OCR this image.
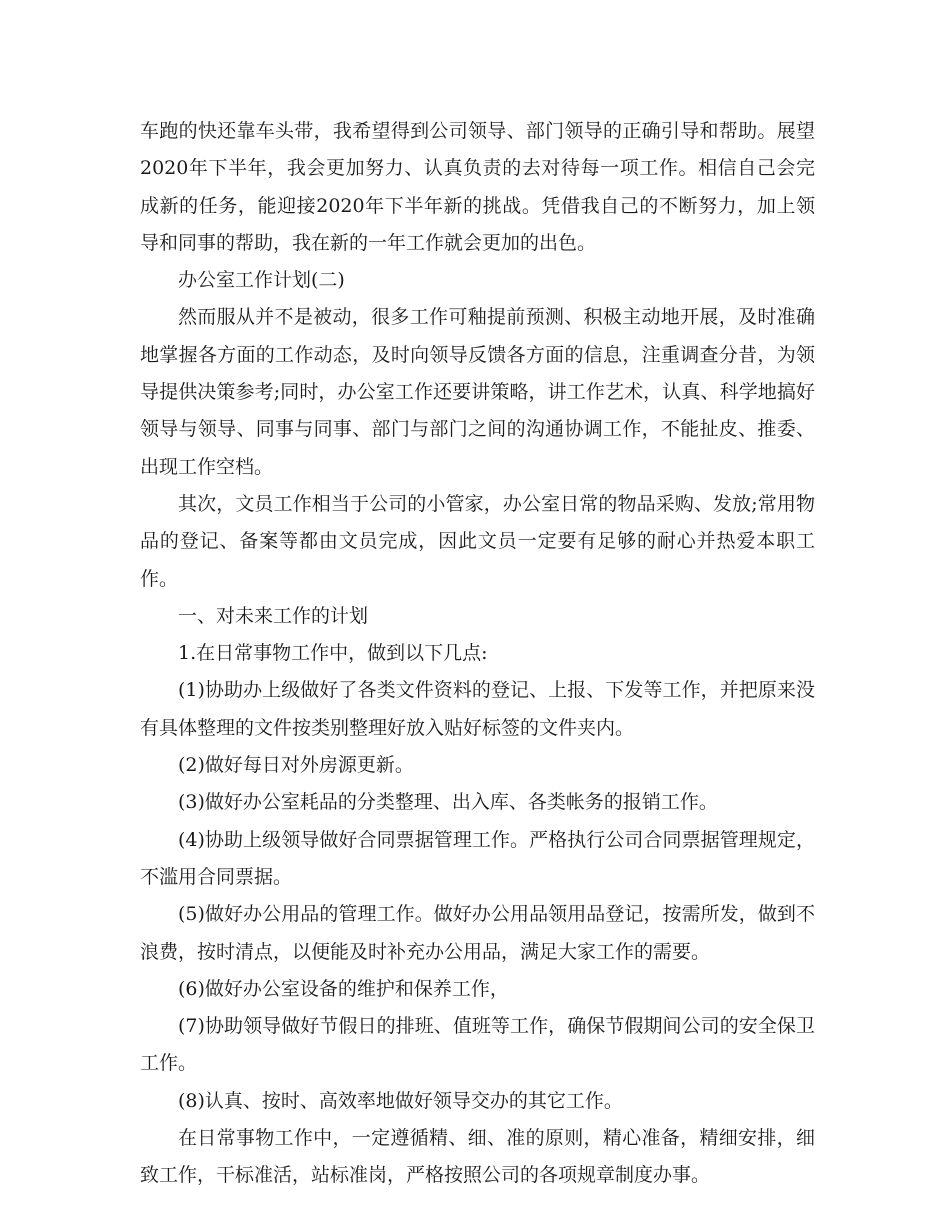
车跑的快还靠车头带，我希望得到公司领导、部门领导的正确引导和帮助。展望2020年下半年，我会更加努力、认真负责的去对待每一项工作。相信自己会完成新的任务，能迎接2020年下半年新的挑战。凭借我自己的不断努力，加上领导和同事的帮助，我在新的一年工作就会更加的出色。

办公室工作计划(二)

然而服从并不是被动，很多工作可釉提前预测、积极主动地开展，及时准确地掌握各方面的工作动态，及时向领导反馈各方面的信息，注重调查分昔，为领导提供决策参考;同时，办公室工作还要讲策略，讲工作艺术，认真、科学地搞好领导与领导、同事与同事、部门与部门之间的沟通协调工作，不能扯皮、推委、出现工作空档。

其次，文员工作相当于公司的小管家，办公室日常的物品采购、发放;常用物品的登记、备案等都由文员完成，因此文员一定要有足够的耐心并热爱本职工作。

一、对未来工作的计划

1.在日常事物工作中，做到以下几点:

(1)协助办上级做好了各类文件资料的登记、上报、下发等工作，并把原来没有具体整理的文件按类别整理好放入贴好标签的文件夹内。

(2)做好每日对外房源更新。

(3)做好办公室耗品的分类整理、出入库、各类帐务的报销工作。

(4)协助上级领导做好合同票据管理工作。严格执行公司合同票据管理规定，不滥用合同票据。

(5)做好办公用品的管理工作。做好办公用品领用品登记，按需所发，做到不浪费，按时清点，以便能及时补充办公用品，满足大家工作的需要。

(6)做好办公室设备的维护和保养工作，

(7)协助领导做好节假日的排班、值班等工作，确保节假期间公司的安全保卫工作。

(8)认真、按时、高效率地做好领导交办的其它工作。

在日常事物工作中，一定遵循精、细、准的原则，精心准备，精细安排，细致工作，干标准活，站标准岗，严格按照公司的各项规章制度办事。
